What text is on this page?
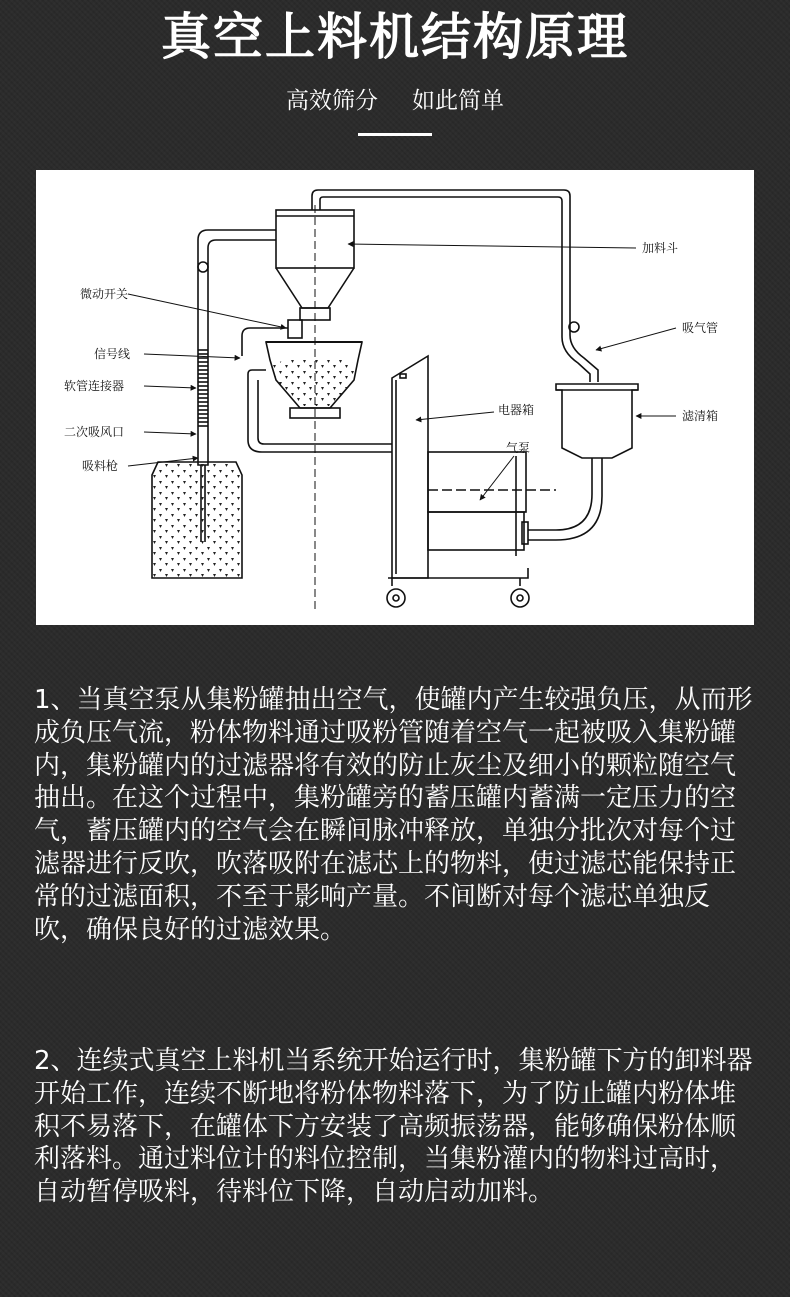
真空上料机结构原理
高效筛分 如此简单
加料斗
微动开关
信号线
软管连接器
二次吸风口
吸料枪
吸气管
电器箱
气泵
滤清箱

1、当真空泵从集粉罐抽出空气，使罐内产生较强负压，从而形成负压气流，粉体物料通过吸粉管随着空气一起被吸入集粉罐内，集粉罐内的过滤器将有效的防止灰尘及细小的颗粒随空气抽出。在这个过程中，集粉罐旁的蓄压罐内蓄满一定压力的空气，蓄压罐内的空气会在瞬间脉冲释放，单独分批次对每个过滤器进行反吹，吹落吸附在滤芯上的物料，使过滤芯能保持正常的过滤面积，不至于影响产量。不间断对每个滤芯单独反吹，确保良好的过滤效果。

2、连续式真空上料机当系统开始运行时，集粉罐下方的卸料器开始工作，连续不断地将粉体物料落下，为了防止罐内粉体堆积不易落下，在罐体下方安装了高频振荡器，能够确保粉体顺利落料。通过料位计的料位控制，当集粉灌内的物料过高时，自动暂停吸料，待料位下降，自动启动加料。
